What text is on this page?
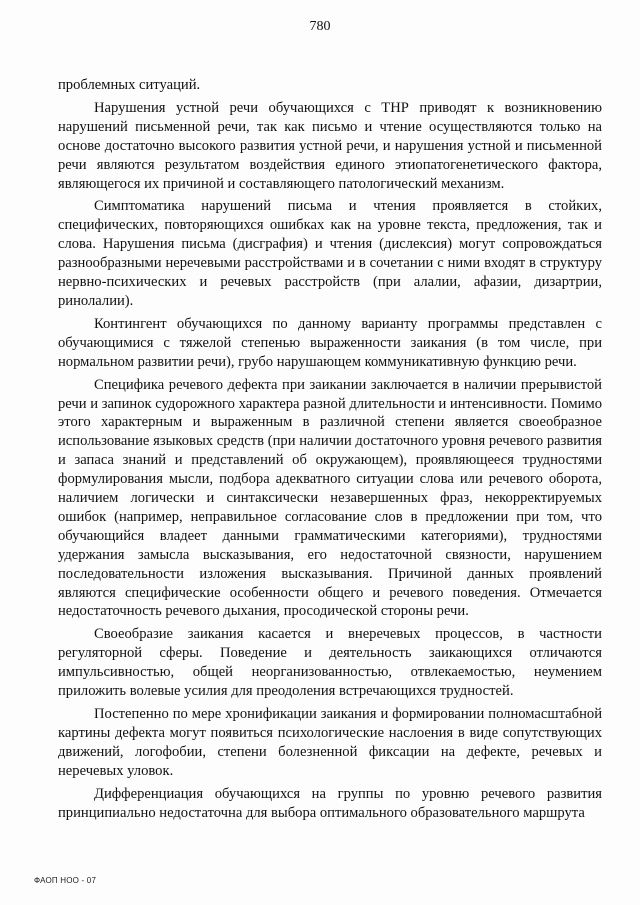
780

проблемных ситуаций.

Нарушения устной речи обучающихся с ТНР приводят к возникновению нарушений письменной речи, так как письмо и чтение осуществляются только на основе достаточно высокого развития устной речи, и нарушения устной и письменной речи являются результатом воздействия единого этиопатогенетического фактора, являющегося их причиной и составляющего патологический механизм.

Симптоматика нарушений письма и чтения проявляется в стойких, специфических, повторяющихся ошибках как на уровне текста, предложения, так и слова. Нарушения письма (дисграфия) и чтения (дислексия) могут сопровождаться разнообразными неречевыми расстройствами и в сочетании с ними входят в структуру нервно-психических и речевых расстройств (при алалии, афазии, дизартрии, ринолалии).

Контингент обучающихся по данному варианту программы представлен с обучающимися с тяжелой степенью выраженности заикания (в том числе, при нормальном развитии речи), грубо нарушающем коммуникативную функцию речи.

Специфика речевого дефекта при заикании заключается в наличии прерывистой речи и запинок судорожного характера разной длительности и интенсивности. Помимо этого характерным и выраженным в различной степени является своеобразное использование языковых средств (при наличии достаточного уровня речевого развития и запаса знаний и представлений об окружающем), проявляющееся трудностями формулирования мысли, подбора адекватного ситуации слова или речевого оборота, наличием логически и синтаксически незавершенных фраз, некорректируемых ошибок (например, неправильное согласование слов в предложении при том, что обучающийся владеет данными грамматическими категориями), трудностями удержания замысла высказывания, его недостаточной связности, нарушением последовательности изложения высказывания. Причиной данных проявлений являются специфические особенности общего и речевого поведения. Отмечается недостаточность речевого дыхания, просодической стороны речи.

Своеобразие заикания касается и внеречевых процессов, в частности регуляторной сферы. Поведение и деятельность заикающихся отличаются импульсивностью, общей неорганизованностью, отвлекаемостью, неумением приложить волевые усилия для преодоления встречающихся трудностей.

Постепенно по мере хронификации заикания и формировании полномасштабной картины дефекта могут появиться психологические наслоения в виде сопутствующих движений, логофобии, степени болезненной фиксации на дефекте, речевых и неречевых уловок.

Дифференциация обучающихся на группы по уровню речевого развития принципиально недостаточна для выбора оптимального образовательного маршрута

ФАОП НОО - 07
